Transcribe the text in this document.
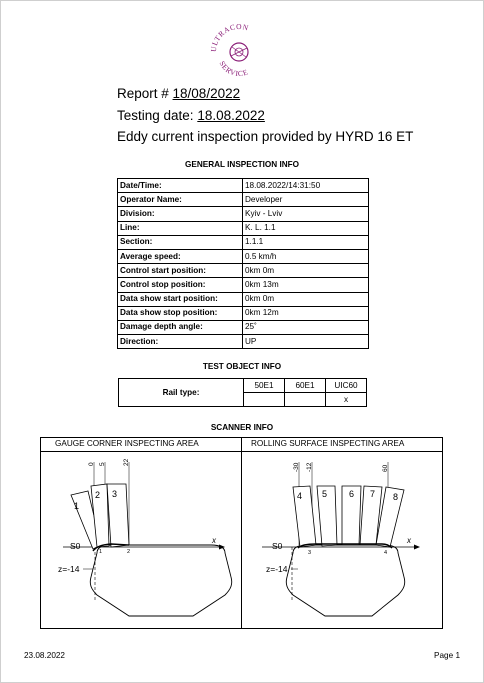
ULTRACON
SERVICE
Report # 18/08/2022
Testing date: 18.08.2022
Eddy current inspection provided by HYRD 16 ET
GENERAL INSPECTION INFO
Date/Time:	18.08.2022/14:31:50
Operator Name:	Developer
Division:	Kyiv - Lviv
Line:	K. L. 1.1
Section:	1.1.1
Average speed:	0.5 km/h
Control start position:	0km 0m
Control stop position:	0km 13m
Data show start position:	0km 0m
Data show stop position:	0km 12m
Damage depth angle:	25˚
Direction:	UP
TEST OBJECT INFO
Rail type:	50E1	60E1	UIC60
			x
SCANNER INFO
GAUGE CORNER INSPECTING AREA	ROLLING SURFACE INSPECTING AREA
x
0 5	22
1
2 3
1	2
S0
z=-14
x
-30 -12	60
4 5 6 7 8
3	4
S0
z=-14
23.08.2022	Page 1
